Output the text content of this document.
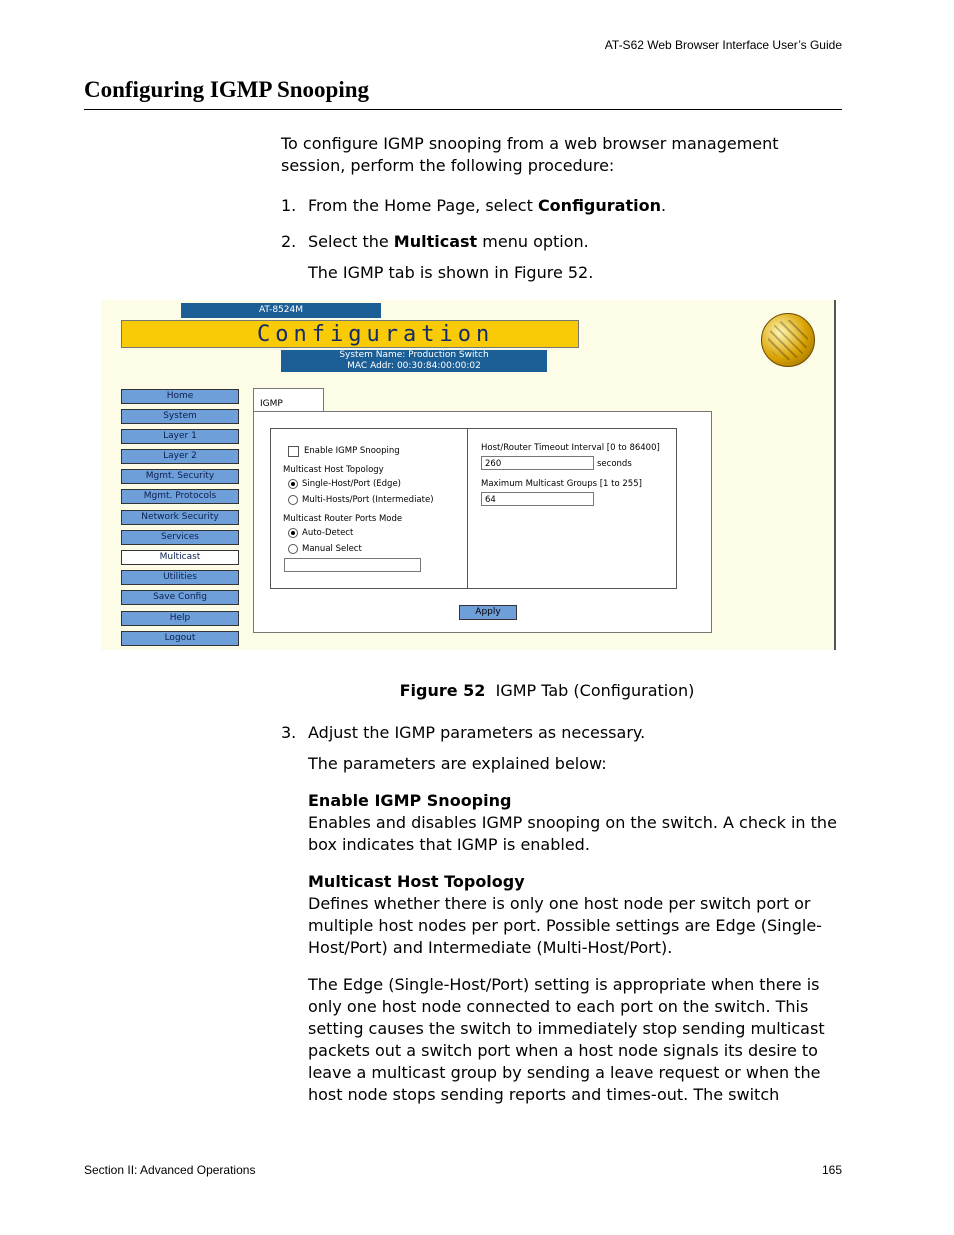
AT-S62 Web Browser Interface User’s Guide
Configuring IGMP Snooping
To configure IGMP snooping from a web browser management session, perform the following procedure:
1. From the Home Page, select Configuration.
2. Select the Multicast menu option.
The IGMP tab is shown in Figure 52.
AT-8524M
Configuration
System Name: Production Switch
MAC Addr: 00:30:84:00:00:02
Home
System
Layer 1
Layer 2
Mgmt. Security
Mgmt. Protocols
Network Security
Services
Multicast
Utilities
Save Config
Help
Logout
IGMP
Enable IGMP Snooping
Multicast Host Topology
Single-Host/Port (Edge)
Multi-Hosts/Port (Intermediate)
Multicast Router Ports Mode
Auto-Detect
Manual Select
Host/Router Timeout Interval [0 to 86400]
260	seconds
Maximum Multicast Groups [1 to 255]
64
Apply
Figure 52 IGMP Tab (Configuration)
3. Adjust the IGMP parameters as necessary.
The parameters are explained below:
Enable IGMP Snooping
Enables and disables IGMP snooping on the switch. A check in the box indicates that IGMP is enabled.
Multicast Host Topology
Defines whether there is only one host node per switch port or multiple host nodes per port. Possible settings are Edge (Single-Host/Port) and Intermediate (Multi-Host/Port).
The Edge (Single-Host/Port) setting is appropriate when there is only one host node connected to each port on the switch. This setting causes the switch to immediately stop sending multicast packets out a switch port when a host node signals its desire to leave a multicast group by sending a leave request or when the host node stops sending reports and times-out. The switch
Section II: Advanced Operations	165
